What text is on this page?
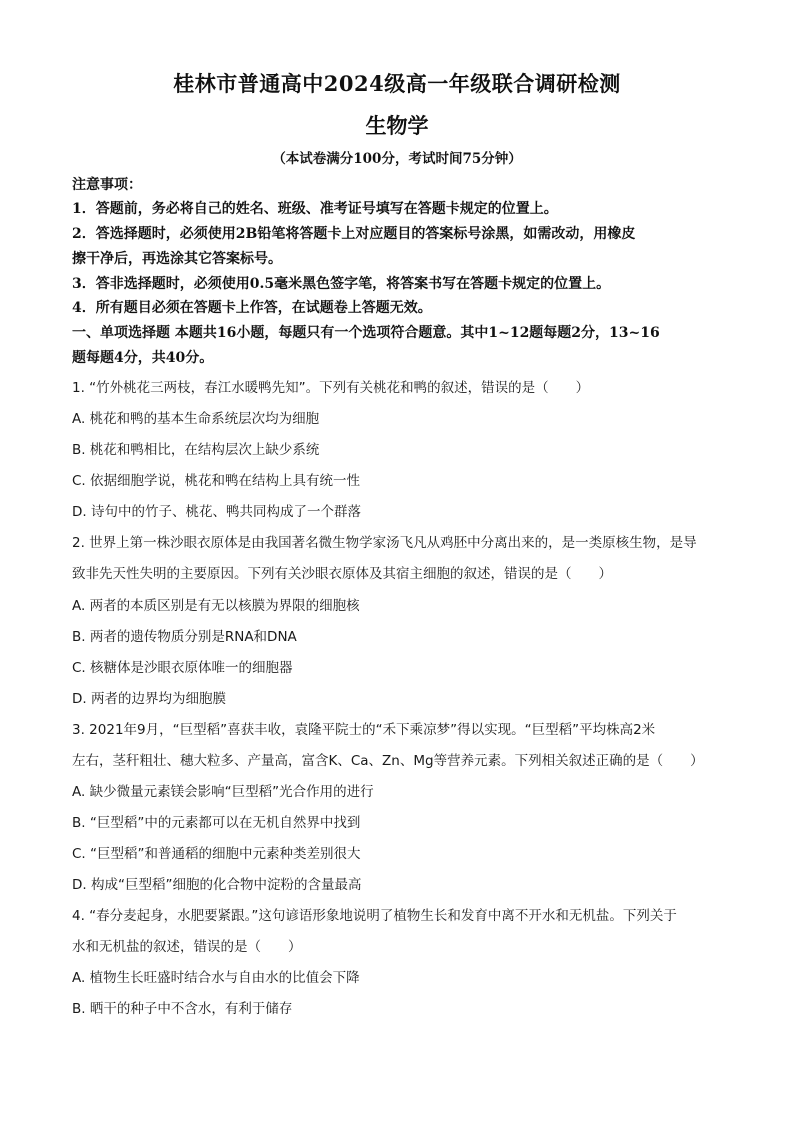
桂林市普通高中2024级高一年级联合调研检测
生物学
（本试卷满分100分，考试时间75分钟）
注意事项：
1．答题前，务必将自己的姓名、班级、准考证号填写在答题卡规定的位置上。
2．答选择题时，必须使用2B铅笔将答题卡上对应题目的答案标号涂黑，如需改动，用橡皮
擦干净后，再选涂其它答案标号。
3．答非选择题时，必须使用0.5毫米黑色签字笔，将答案书写在答题卡规定的位置上。
4．所有题目必须在答题卡上作答，在试题卷上答题无效。
一、单项选择题 本题共16小题，每题只有一个选项符合题意。其中1~12题每题2分，13~16
题每题4分，共40分。
1. “竹外桃花三两枝，春江水暖鸭先知”。下列有关桃花和鸭的叙述，错误的是（　　）
A. 桃花和鸭的基本生命系统层次均为细胞
B. 桃花和鸭相比，在结构层次上缺少系统
C. 依据细胞学说，桃花和鸭在结构上具有统一性
D. 诗句中的竹子、桃花、鸭共同构成了一个群落
2. 世界上第一株沙眼衣原体是由我国著名微生物学家汤飞凡从鸡胚中分离出来的，是一类原核生物，是导
致非先天性失明的主要原因。下列有关沙眼衣原体及其宿主细胞的叙述，错误的是（　　）
A. 两者的本质区别是有无以核膜为界限的细胞核
B. 两者的遗传物质分别是RNA和DNA
C. 核糖体是沙眼衣原体唯一的细胞器
D. 两者的边界均为细胞膜
3. 2021年9月，“巨型稻”喜获丰收，袁隆平院士的“禾下乘凉梦”得以实现。“巨型稻”平均株高2米
左右，茎秆粗壮、穗大粒多、产量高，富含K、Ca、Zn、Mg等营养元素。下列相关叙述正确的是（　　）
A. 缺少微量元素镁会影响“巨型稻”光合作用的进行
B. “巨型稻”中的元素都可以在无机自然界中找到
C. “巨型稻”和普通稻的细胞中元素种类差别很大
D. 构成“巨型稻”细胞的化合物中淀粉的含量最高
4. “春分麦起身，水肥要紧跟。”这句谚语形象地说明了植物生长和发育中离不开水和无机盐。下列关于
水和无机盐的叙述，错误的是（　　）
A. 植物生长旺盛时结合水与自由水的比值会下降
B. 晒干的种子中不含水，有利于储存
